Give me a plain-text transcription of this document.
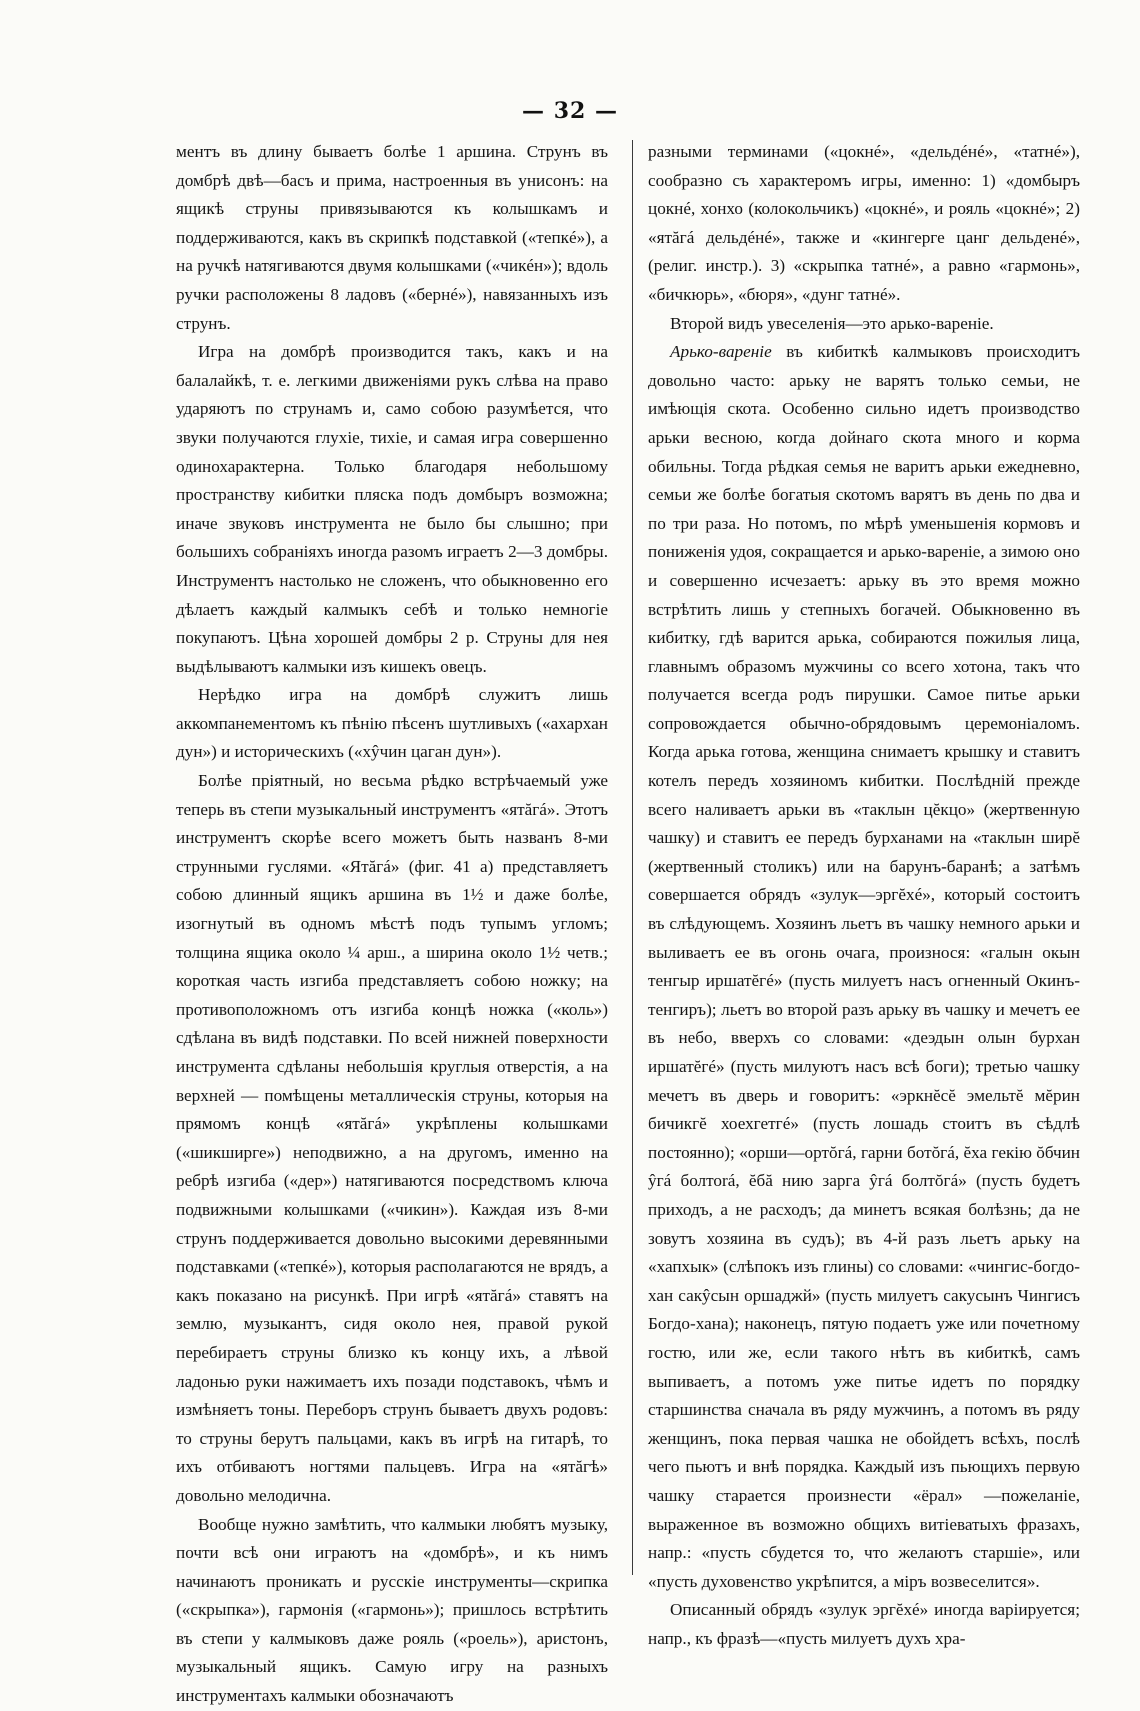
— 32 —

ментъ въ длину бываетъ болѣе 1 аршина. Струнъ въ домбрѣ двѣ—басъ и прима, настроенныя въ унисонъ: на ящикѣ струны привязываются къ колышкамъ и поддерживаются, какъ въ скрипкѣ подставкой («тепкé»), а на ручкѣ натягиваются двумя колышками («чикéн»); вдоль ручки расположены 8 ладовъ («бернé»), навязанныхъ изъ струнъ.

Игра на домбрѣ производится такъ, какъ и на балалайкѣ, т. е. легкими движеніями рукъ слѣва на право ударяютъ по струнамъ и, само собою разумѣется, что звуки получаются глухіе, тихіе, и самая игра совершенно одинохарактерна. Только благодаря небольшому пространству кибитки пляска подъ домбыръ возможна; иначе звуковъ инструмента не было бы слышно; при большихъ собраніяхъ иногда разомъ играетъ 2—3 домбры. Инструментъ настолько не сложенъ, что обыкновенно его дѣлаетъ каждый калмыкъ себѣ и только немногіе покупаютъ. Цѣна хорошей домбры 2 р. Струны для нея выдѣлываютъ калмыки изъ кишекъ овецъ.

Нерѣдко игра на домбрѣ служитъ лишь аккомпанементомъ къ пѣнію пѣсенъ шутливыхъ («ахархан дун») и историческихъ («хŷчин цаган дун»).

Болѣе пріятный, но весьма рѣдко встрѣчаемый уже теперь въ степи музыкальный инструментъ «ятăгá». Этотъ инструментъ скорѣе всего можетъ быть названъ 8-ми струнными гуслями. «Ятăгá» (фиг. 41 а) представляетъ собою длинный ящикъ аршина въ 1½ и даже болѣе, изогнутый въ одномъ мѣстѣ подъ тупымъ угломъ; толщина ящика около ¼ арш., а ширина около 1½ четв.; короткая часть изгиба представляетъ собою ножку; на противоположномъ отъ изгиба концѣ ножка («коль») сдѣлана въ видѣ подставки. По всей нижней поверхности инструмента сдѣланы небольшія круглыя отверстія, а на верхней — помѣщены металлическія струны, которыя на прямомъ концѣ «ятăгá» укрѣплены колышками («шикширге») неподвижно, а на другомъ, именно на ребрѣ изгиба («дер») натягиваются посредствомъ ключа подвижными колышками («чикин»). Каждая изъ 8-ми струнъ поддерживается довольно высокими деревянными подставками («тепкé»), которыя располагаются не врядъ, а какъ показано на рисункѣ. При игрѣ «ятăгá» ставятъ на землю, музыкантъ, сидя около нея, правой рукой перебираетъ струны близко къ концу ихъ, а лѣвой ладонью руки нажимаетъ ихъ позади подставокъ, чѣмъ и измѣняетъ тоны. Переборъ струнъ бываетъ двухъ родовъ: то струны берутъ пальцами, какъ въ игрѣ на гитарѣ, то ихъ отбиваютъ ногтями пальцевъ. Игра на «ятăгѣ» довольно мелодична.

Вообще нужно замѣтить, что калмыки любятъ музыку, почти всѣ они играютъ на «домбрѣ», и къ нимъ начинаютъ проникать и русскіе инструменты—скрипка («скрыпка»), гармонія («гармонь»); пришлось встрѣтить въ степи у калмыковъ даже рояль («роель»), аристонъ, музыкальный ящикъ. Самую игру на разныхъ инструментахъ калмыки обозначаютъ

разными терминами («цокнé», «дельдéнé», «татнé»), сообразно съ характеромъ игры, именно: 1) «домбыръ цокнé, хонхо (колокольчикъ) «цокнé», и рояль «цокнé»; 2) «ятăгá дельдéнé», также и «кингерге цанг дельденé», (религ. инстр.). 3) «скрыпка татнé», а равно «гармонь», «бичкюрь», «бюря», «дунг татнé».

Второй видъ увеселенія—это арько-вареніе.

Арько-вареніе въ кибиткѣ калмыковъ происходитъ довольно часто: арьку не варятъ только семьи, не имѣющія скота. Особенно сильно идетъ производство арьки весною, когда дойнаго скота много и корма обильны. Тогда рѣдкая семья не варитъ арьки ежедневно, семьи же болѣе богатыя скотомъ варятъ въ день по два и по три раза. Но потомъ, по мѣрѣ уменьшенія кормовъ и пониженія удоя, сокращается и арько-вареніе, а зимою оно и совершенно исчезаетъ: арьку въ это время можно встрѣтить лишь у степныхъ богачей. Обыкновенно въ кибитку, гдѣ варится арька, собираются пожилыя лица, главнымъ образомъ мужчины со всего хотона, такъ что получается всегда родъ пирушки. Самое питье арьки сопровождается обычно-обрядовымъ церемоніаломъ. Когда арька готова, женщина снимаетъ крышку и ставитъ котелъ передъ хозяиномъ кибитки. Послѣдній прежде всего наливаетъ арьки въ «таклын цĕкцо» (жертвенную чашку) и ставитъ ее передъ бурханами на «таклын ширĕ (жертвенный столикъ) или на барунъ-баранѣ; а затѣмъ совершается обрядъ «зулук—эргĕхé», который состоитъ въ слѣдующемъ. Хозяинъ льетъ въ чашку немного арьки и выливаетъ ее въ огонь очага, произнося: «галын окын тенгыр иршатĕгé» (пусть милуетъ насъ огненный Окинъ-тенгиръ); льетъ во второй разъ арьку въ чашку и мечетъ ее въ небо, вверхъ со словами: «деэдын олын бурхан иршатĕгé» (пусть милуютъ насъ всѣ боги); третью чашку мечетъ въ дверь и говоритъ: «эркнĕсĕ эмельтĕ мĕрин бичикгĕ хоехгетгé» (пусть лошадь стоитъ въ сѣдлѣ постоянно); «орши—ортŏгá, гарни ботŏгá, ĕха гекiю ŏбчин ŷгá болтоrá, ĕбă нию зарга ŷгá болтŏгá» (пусть будетъ приходъ, а не расходъ; да минетъ всякая болѣзнь; да не зовутъ хозяина въ судъ); въ 4-й разъ льетъ арьку на «хапхык» (слѣпокъ изъ глины) со словами: «чингис-богдо-хан сакŷсын оршаджй» (пусть милуетъ сакусынъ Чингисъ Богдо-хана); наконецъ, пятую подаетъ уже или почетному гостю, или же, если такого нѣтъ въ кибиткѣ, самъ выпиваетъ, а потомъ уже питье идетъ по порядку старшинства сначала въ ряду мужчинъ, а потомъ въ ряду женщинъ, пока первая чашка не обойдетъ всѣхъ, послѣ чего пьютъ и внѣ порядка. Каждый изъ пьющихъ первую чашку старается произнести «ёрал» —пожеланіе, выраженное въ возможно общихъ витіеватыхъ фразахъ, напр.: «пусть сбудется то, что желаютъ старшіе», или «пусть духовенство укрѣпится, а міръ возвеселится».

Описанный обрядъ «зулук эргĕхé» иногда варіируется; напр., къ фразѣ—«пусть милуетъ духъ хра-
